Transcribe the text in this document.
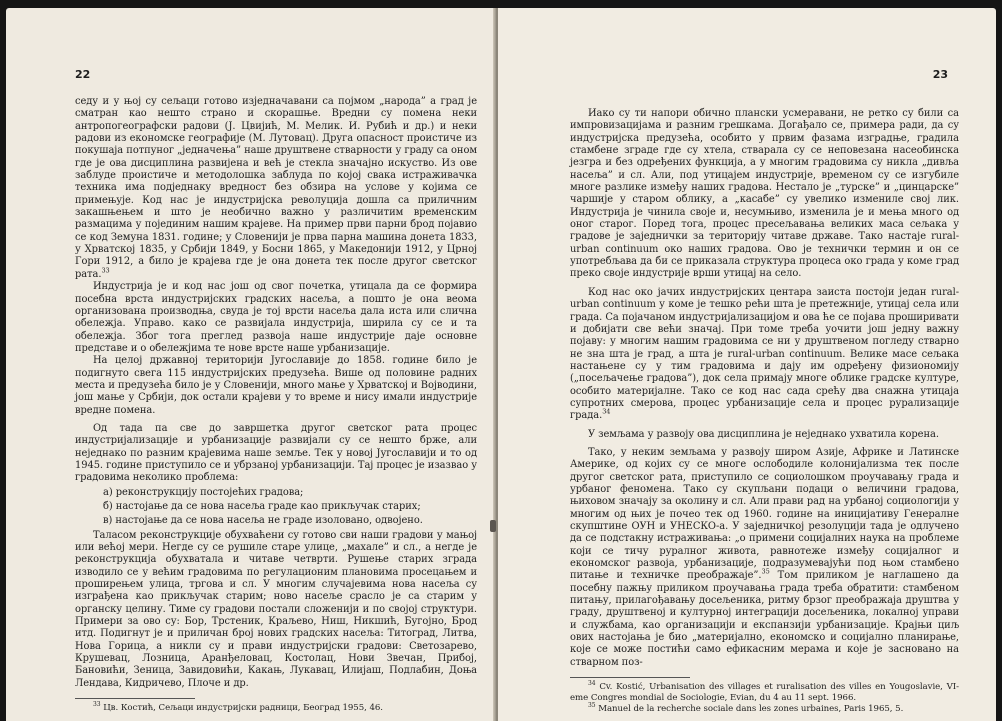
22

седу и у њој су сељаци готово изједначавани са појмом „народа” а град је сматран као нешто страно и скорашње. Вредни су помена неки антропогеографски радови (Ј. Цвијић, М. Мелик. И. Рубић и др.) и неки радови из економске географије (М. Лутовац). Друга опасност проистиче из покушаја потпуног „једначења” наше друштвене стварности у граду са оном где је ова дисциплина развијена и већ је стекла значајно искуство. Из ове заблуде проистиче и методолошка заблуда по којој свака истраживачка техника има подједнаку вредност без обзира на услове у којима се примењује. Код нас је индустријска револуција дошла са приличним закашњењем и што је необично важно у различитим временским размацима у појединим нашим крајевe. На пример први парни брод појавио се код Земуна 1831. године; у Словенији је прва парна машина донета 1833, у Хрватској 1835, у Србији 1849, у Босни 1865, у Македонији 1912, у Црној Гори 1912, а било је крајева где је она донета тек после другог светског рата.$^{33}$

Индустрија је и код нас још од свог почетка, утицала да се формира посебна врста индустријских градских насеља, а пошто је она веома организована производња, свуда је тој врсти насеља дала иста или слична обележја. Управо. како се развијала индустрија, ширила су се и та обележја. Због тога преглед развоја наше индустрије даје основне представе и о обележјима те нове врсте наше урбанизације.

На целој државној територији Југославије до 1858. године било је подигнуто свега 115 индустријских предузећа. Више од половине радних места и предузећа било је у Словенији, много мање у Хрватској и Војводини, још мање у Србији, док остали крајеви у то време и нису имали индустрије вредне помена.

Од тада па све до завршетка другог светског рата процес индустријализације и урбанизације развијали су се нешто брже, али неједнако по разним крајевима наше земље. Тек у новој Југославији и то од 1945. године приступило се и убрзаној урбанизацији. Тај процес је изазвао у градовима неколико проблема:

а) реконструкцију постојећих градова;

б) настојање да се нова насеља граде као прикључак старих;

в) настојање да се нова насеља не граде изоловано, одвојено.

Таласом реконструкције обухваћени су готово сви наши градови у мањој или већој мери. Негде су се рушиле старе улице, „махале” и сл., а негде је реконструкција обухватала и читаве четврти. Рушење старих зграда изводило се у већим градовима по регулационим плановима просецањем и проширењем улица, тргова и сл. У многим случајевима нова насеља су изграђена као прикључак старим; ново насеље срасло је са старим у органску целину. Тиме су градови постали сложенији и по својој структури. Примери за ово су: Бор, Трстеник, Краљево, Ниш, Никшић, Бугојно, Брод итд. Подигнут је и приличан број нових градских насеља: Титоград, Литва, Нова Горица, а никли су и прави индустријски градови: Светозарево, Крушевац, Лозница, Аранђеловац, Костолац, Нови Звечан, Прибој, Бановићи, Зеница, Завидовићи, Какањ, Лукавац, Илијаш, Подлабин, Доња Лендава, Кидричево, Плоче и др.

$^{33}$ Цв. Костић, Сељаци индустријски радници, Београд 1955, 46.

23

Иако су ти напори обично плански усмеравани, не ретко су били са импровизацијама и разним грешкама. Догађало се, примера ради, да су индустријска предузећа, особито у првим фазама изградње, градила стамбене зграде где су хтела, стварала су се неповезана насеобинска језгра и без одређених функција, а у многим градовима су никла „дивља насеља” и сл. Али, под утицајем индустрије, временом су се изгубиле многе разлике између наших градова. Нестало је „турске” и „цинцарске” чаршије у старом облику, а „касабе” су увелико измениле свој лик. Индустрија је чинила своје и, несумњиво, изменила је и мења много од оног старог. Поред тога, процес пресељавања великих маса сељака у градове је заједнички за територију читаве државе. Тако настаје rural-urban continuum око наших градова. Ово је технички термин и он се употребљава да би се приказала структура процеса око града у коме град преко своје индустрије врши утицај на село.

Код нас око јачих индустријских центара заиста постоји један rural-urban continuum у коме је тешко рећи шта је претежније, утицај села или града. Са појачаном индустријализацијом и ова ће се појава проширивати и добијати све већи значај. При томе треба уочити још једну важну појаву: у многим нашим градовима се ни у друштвеном погледу стварно не зна шта је град, а шта је rural-urban continuum. Велике масе сељака настањене су у тим градовима и дају им одређену физиономију („посељачење градова”), док села примају многе облике градске културе, особито материјалне. Тако се код нас сада срећу два снажна утицаја супротних смерова, процес урбанизације села и процес рурализације града.$^{34}$

У земљама у развоју ова дисциплина је неједнако ухватила корена.

Тако, у неким земљама у развоју широм Азије, Африке и Латинске Америке, од којих су се многе ослободиле колонијализма тек после другог светског рата, приступило се социолошком проучавању града и урбаног феномена. Тако су скупљани подаци о величини градова, њиховом значају за околину и сл. Али прави рад на урбаној социологији у многим од њих је почео тек од 1960. године на иницијативу Генералне скупштине ОУН и УНЕСКО-а. У заједничкој резолуцији тада је одлучено да се подстакну истраживања: „о примени социјалних наука на проблеме који се тичу руралног живота, равнотеже између социјалног и економског развоја, урбанизације, подразумевајући под њом стамбено питање и техничке преображаје”.$^{35}$ Том приликом је наглашено да посебну пажњу приликом проучавања града треба обратити: стамбеном питању, прилагођавању досељеника, ритму брзог преображаја друштва у граду, друштвеној и културној интеграцији досељеника, локалној управи и службама, као организацији и експанзији урбанизације. Крајњи циљ ових настојања је био „материјално, економско и социјално планирање, које се може постићи само ефикасним мерама и које је засновано на стварном поз-

$^{34}$ Cv. Kostić, Urbanisation des villages et ruralisation des villes en Yougoslavie, VI-eme Congres mondial de Sociologie, Evian, du 4 au 11 sept. 1966.

$^{35}$ Manuel de la recherche sociale dans les zones urbaines, Paris 1965, 5.
